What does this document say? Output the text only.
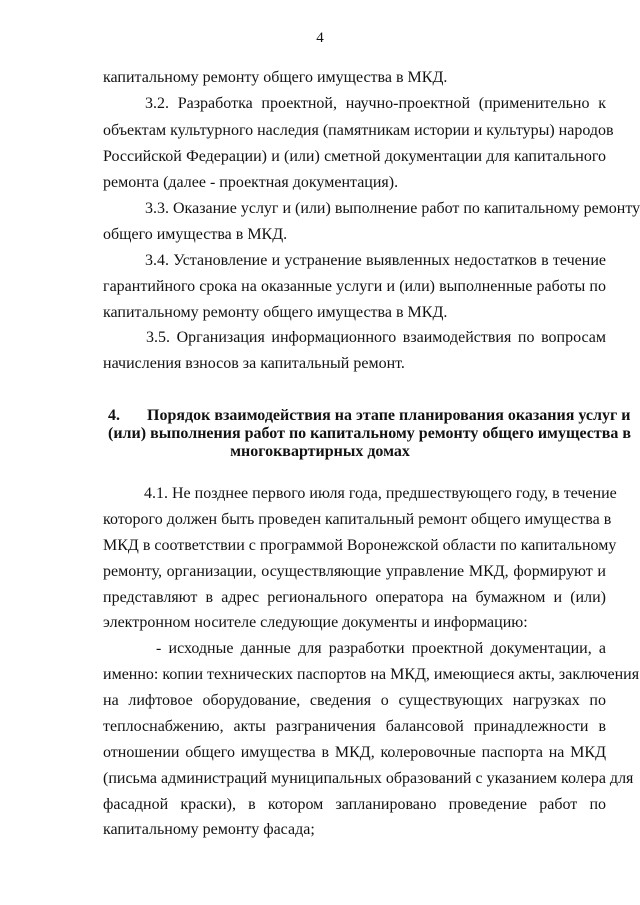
4
капитальному ремонту общего имущества в МКД.
3.2. Разработка проектной, научно-проектной (применительно к
объектам культурного наследия (памятникам истории и культуры) народов
Российской Федерации) и (или) сметной документации для капитального
ремонта (далее - проектная документация).
3.3. Оказание услуг и (или) выполнение работ по капитальному ремонту
общего имущества в МКД.
3.4. Установление и устранение выявленных недостатков в течение
гарантийного срока на оказанные услуги и (или) выполненные работы по
капитальному ремонту общего имущества в МКД.
3.5. Организация информационного взаимодействия по вопросам
начисления взносов за капитальный ремонт.
4. Порядок взаимодействия на этапе планирования оказания услуг и
(или) выполнения работ по капитальному ремонту общего имущества в
многоквартирных домах
4.1. Не позднее первого июля года, предшествующего году, в течение
которого должен быть проведен капитальный ремонт общего имущества в
МКД в соответствии с программой Воронежской области по капитальному
ремонту, организации, осуществляющие управление МКД, формируют и
представляют в адрес регионального оператора на бумажном и (или)
электронном носителе следующие документы и информацию:
- исходные данные для разработки проектной документации, а
именно: копии технических паспортов на МКД, имеющиеся акты, заключения
на лифтовое оборудование, сведения о существующих нагрузках по
теплоснабжению, акты разграничения балансовой принадлежности в
отношении общего имущества в МКД, колеровочные паспорта на МКД
(письма администраций муниципальных образований с указанием колера для
фасадной краски), в котором запланировано проведение работ по
капитальному ремонту фасада;
